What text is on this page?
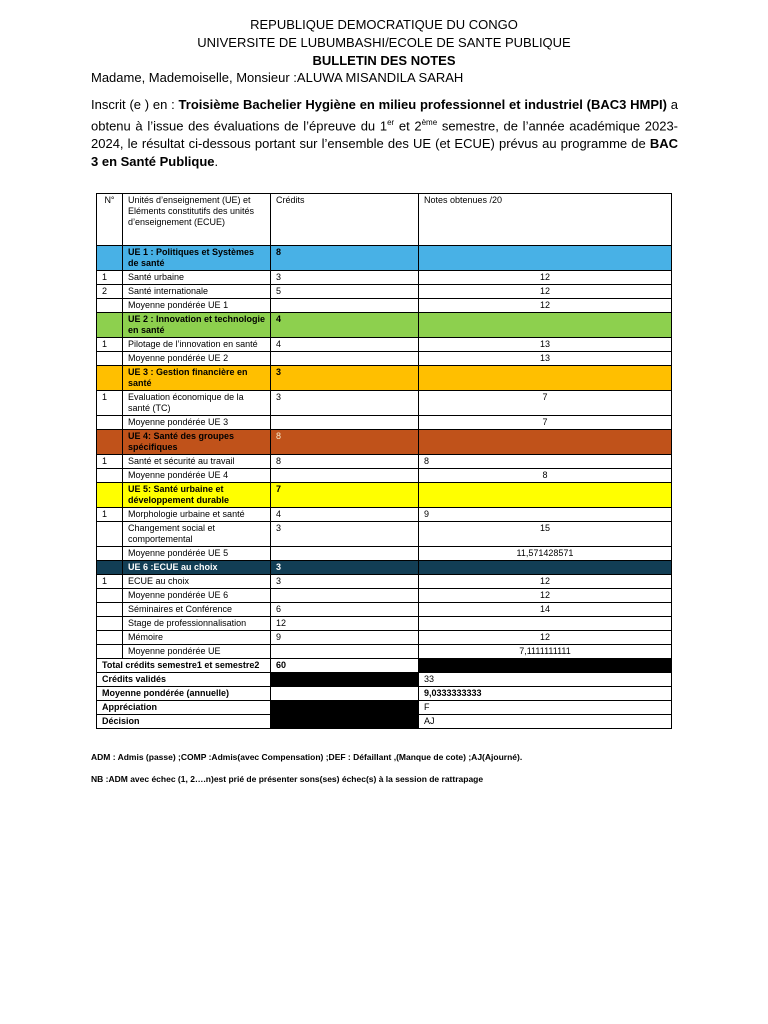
REPUBLIQUE DEMOCRATIQUE DU CONGO
UNIVERSITE DE LUBUMBASHI/ECOLE DE SANTE PUBLIQUE
BULLETIN DES NOTES
Madame, Mademoiselle, Monsieur :ALUWA MISANDILA SARAH
Inscrit (e ) en : Troisième Bachelier Hygiène en milieu professionnel et industriel (BAC3 HMPI) a obtenu à l’issue des évaluations de l’épreuve du 1er et 2ème semestre, de l’année académique 2023-2024, le résultat ci-dessous portant sur l’ensemble des UE (et ECUE) prévus au programme de BAC 3 en Santé Publique.
N°	Unités d’enseignement (UE) et Eléments constitutifs des unités d’enseignement (ECUE)	Crédits	Notes obtenues /20
	UE 1 : Politiques et Systèmes de santé	8	
1	Santé urbaine	3	12
2	Santé internationale	5	12
	Moyenne pondérée UE 1		12
	UE 2 : Innovation et technologie en santé	4	
1	Pilotage de l’innovation en santé	4	13
	Moyenne pondérée UE 2		13
	UE 3 : Gestion financière en santé	3	
1	Evaluation économique de la santé (TC)	3	7
	Moyenne pondérée UE 3		7
	UE 4: Santé des groupes spécifiques	8	
1	Santé et sécurité au travail	8	8
	Moyenne pondérée UE 4		8
	UE 5: Santé urbaine et développement durable	7	
1	Morphologie urbaine et santé	4	9
	Changement social et comportemental	3	15
	Moyenne pondérée UE 5		11,571428571
	UE 6 :ECUE au choix	3	
1	ECUE au choix	3	12
	Moyenne pondérée UE 6		12
	Séminaires et Conférence	6	14
	Stage de professionnalisation	12	
	Mémoire	9	12
	Moyenne pondérée UE		7,1111111111
Total crédits semestre1 et semestre2		60	
Crédits validés			33
Moyenne pondérée (annuelle)			9,0333333333
Appréciation			F
Décision			AJ
ADM : Admis (passe) ;COMP :Admis(avec Compensation) ;DEF : Défaillant ,(Manque de cote) ;AJ(Ajourné).
NB :ADM avec échec (1, 2….n)est prié de présenter sons(ses) échec(s) à la session de rattrapage
